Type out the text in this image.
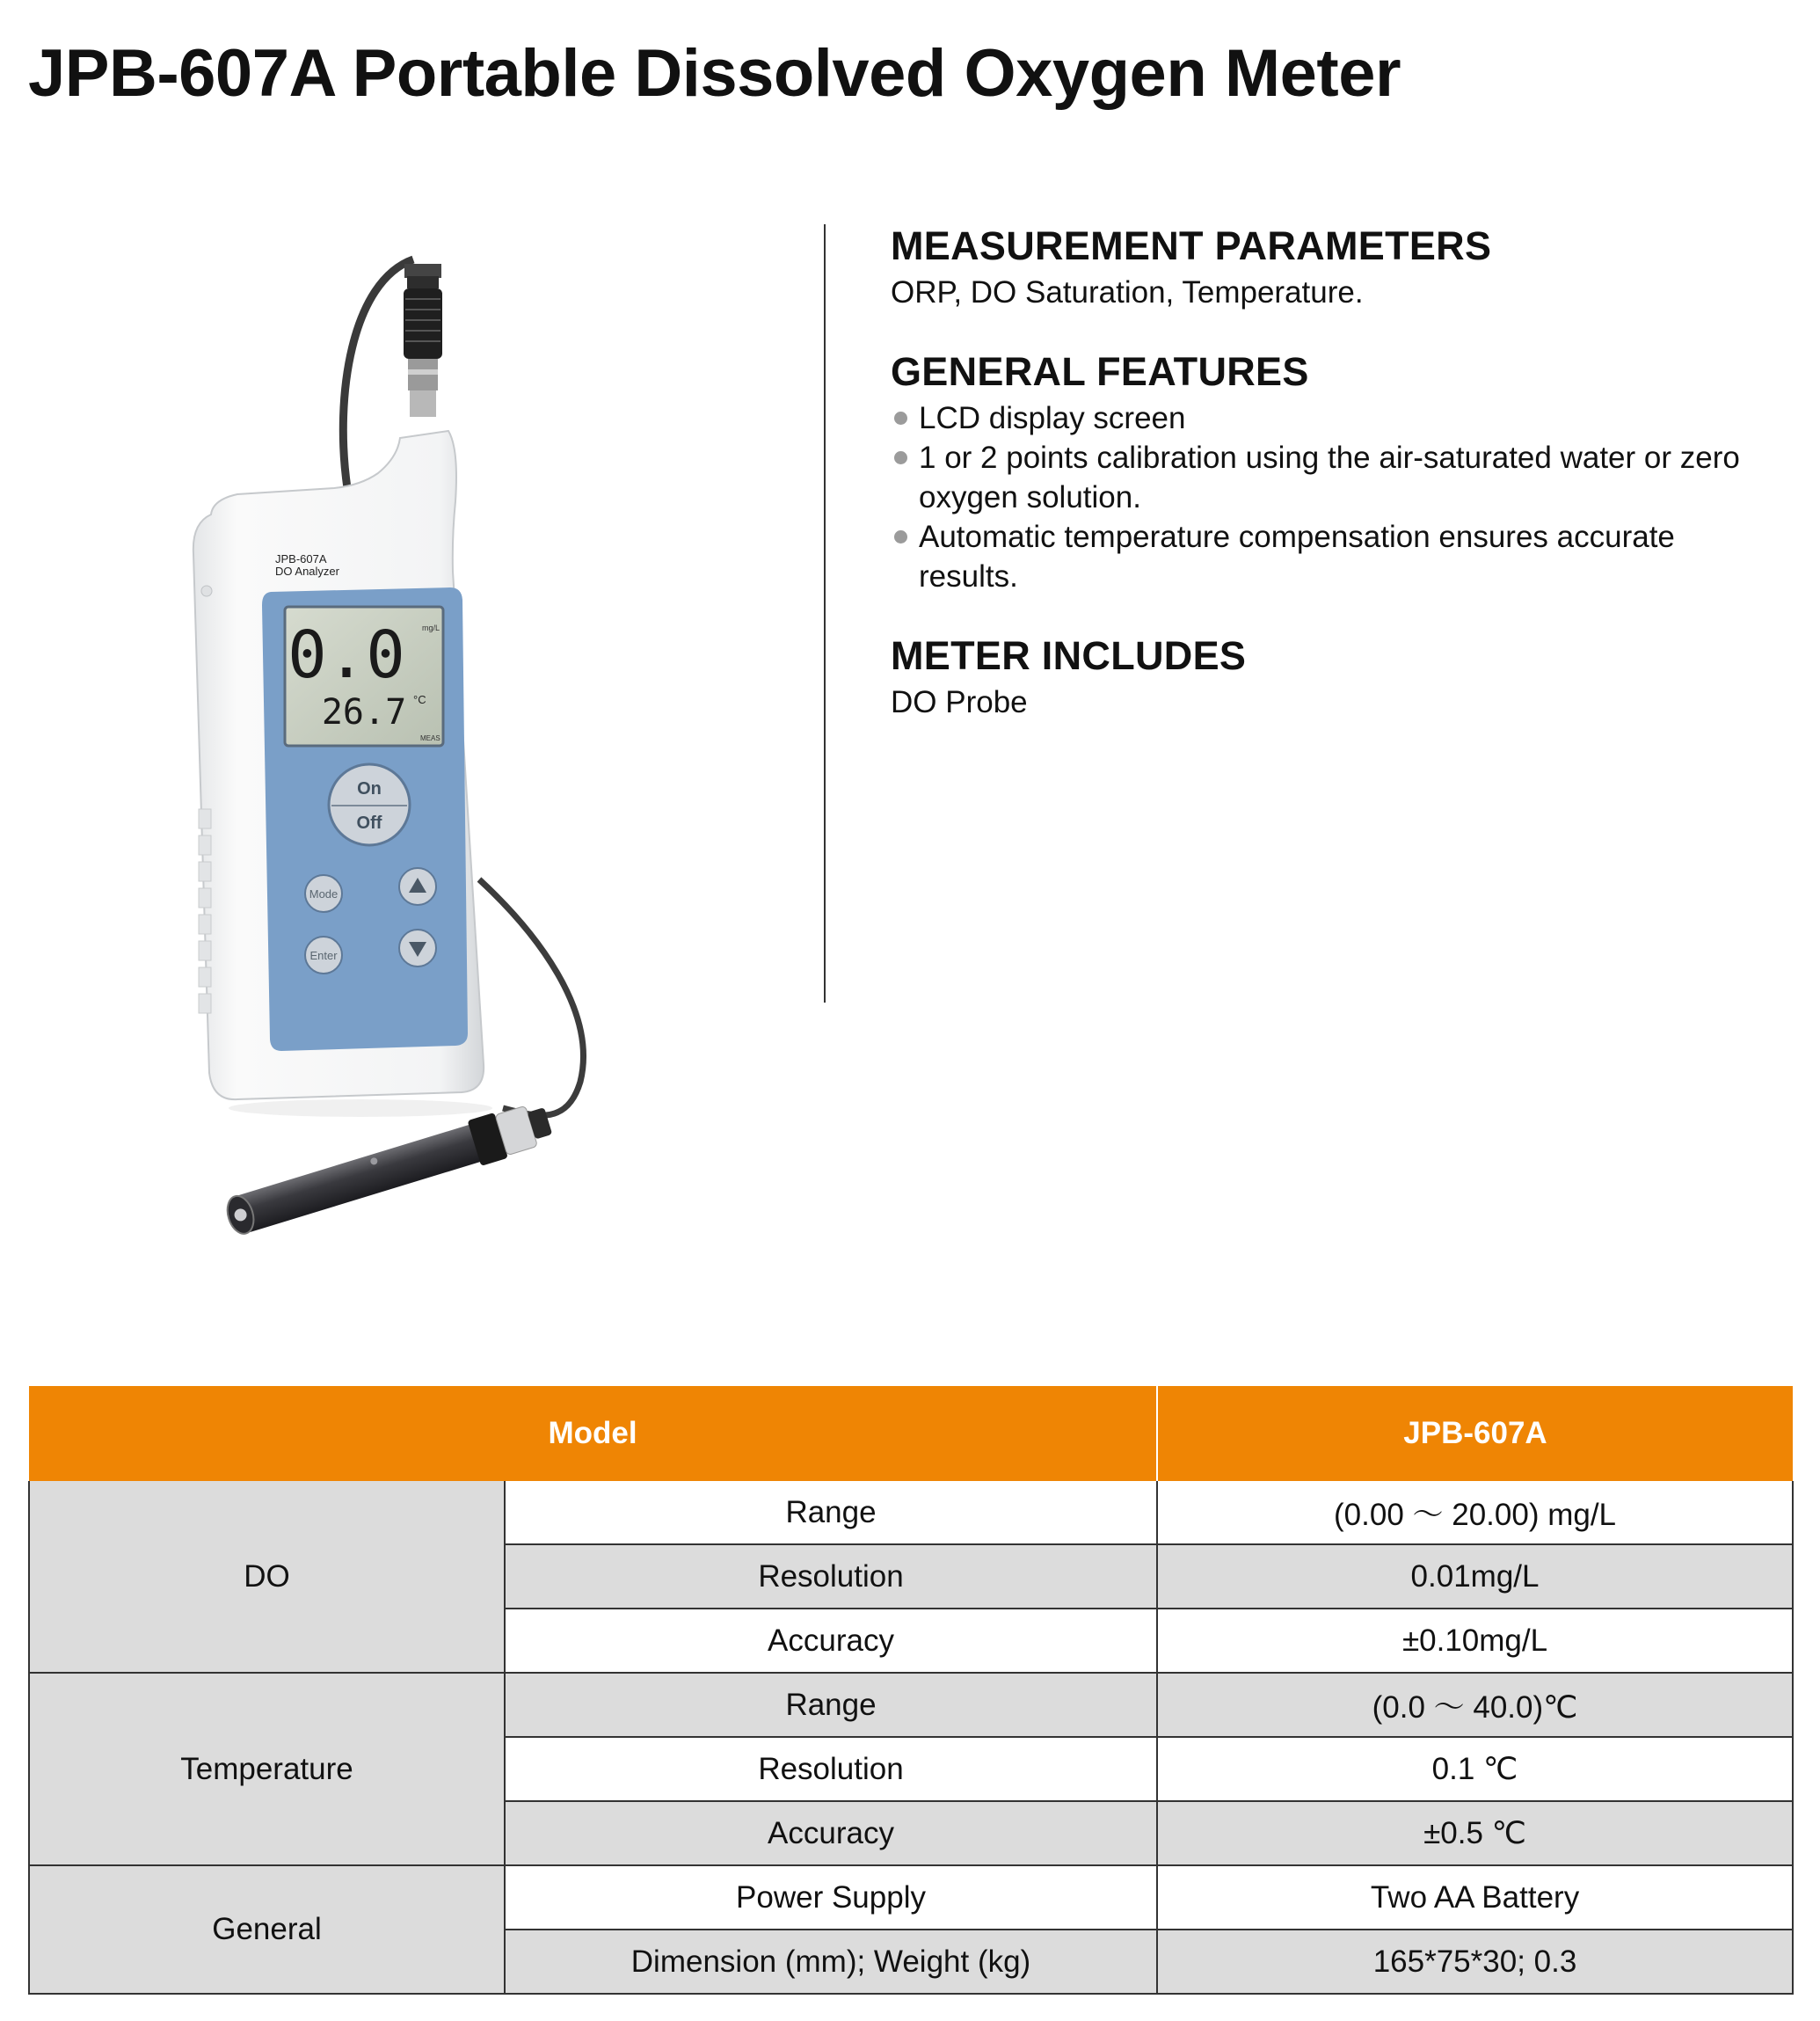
JPB-607A Portable Dissolved Oxygen Meter
JPB-607A
DO Analyzer
0.0 mg/L
26.7 °C
MEAS
On
Off
Mode
Enter
MEASUREMENT PARAMETERS

ORP, DO Saturation, Temperature.

GENERAL FEATURES
LCD display screen
1 or 2 points calibration using the air-saturated water or zero oxygen solution.
Automatic temperature compensation ensures accurate results.
METER INCLUDES

DO Probe

Model		JPB-607A
DO	Range	(0.00 ～ 20.00) mg/L
	Resolution	0.01mg/L
	Accuracy	±0.10mg/L
Temperature	Range	(0.0 ～ 40.0)℃
	Resolution	0.1 ℃
	Accuracy	±0.5 ℃
General	Power Supply	Two AA Battery
	Dimension (mm); Weight (kg)	165*75*30; 0.3
